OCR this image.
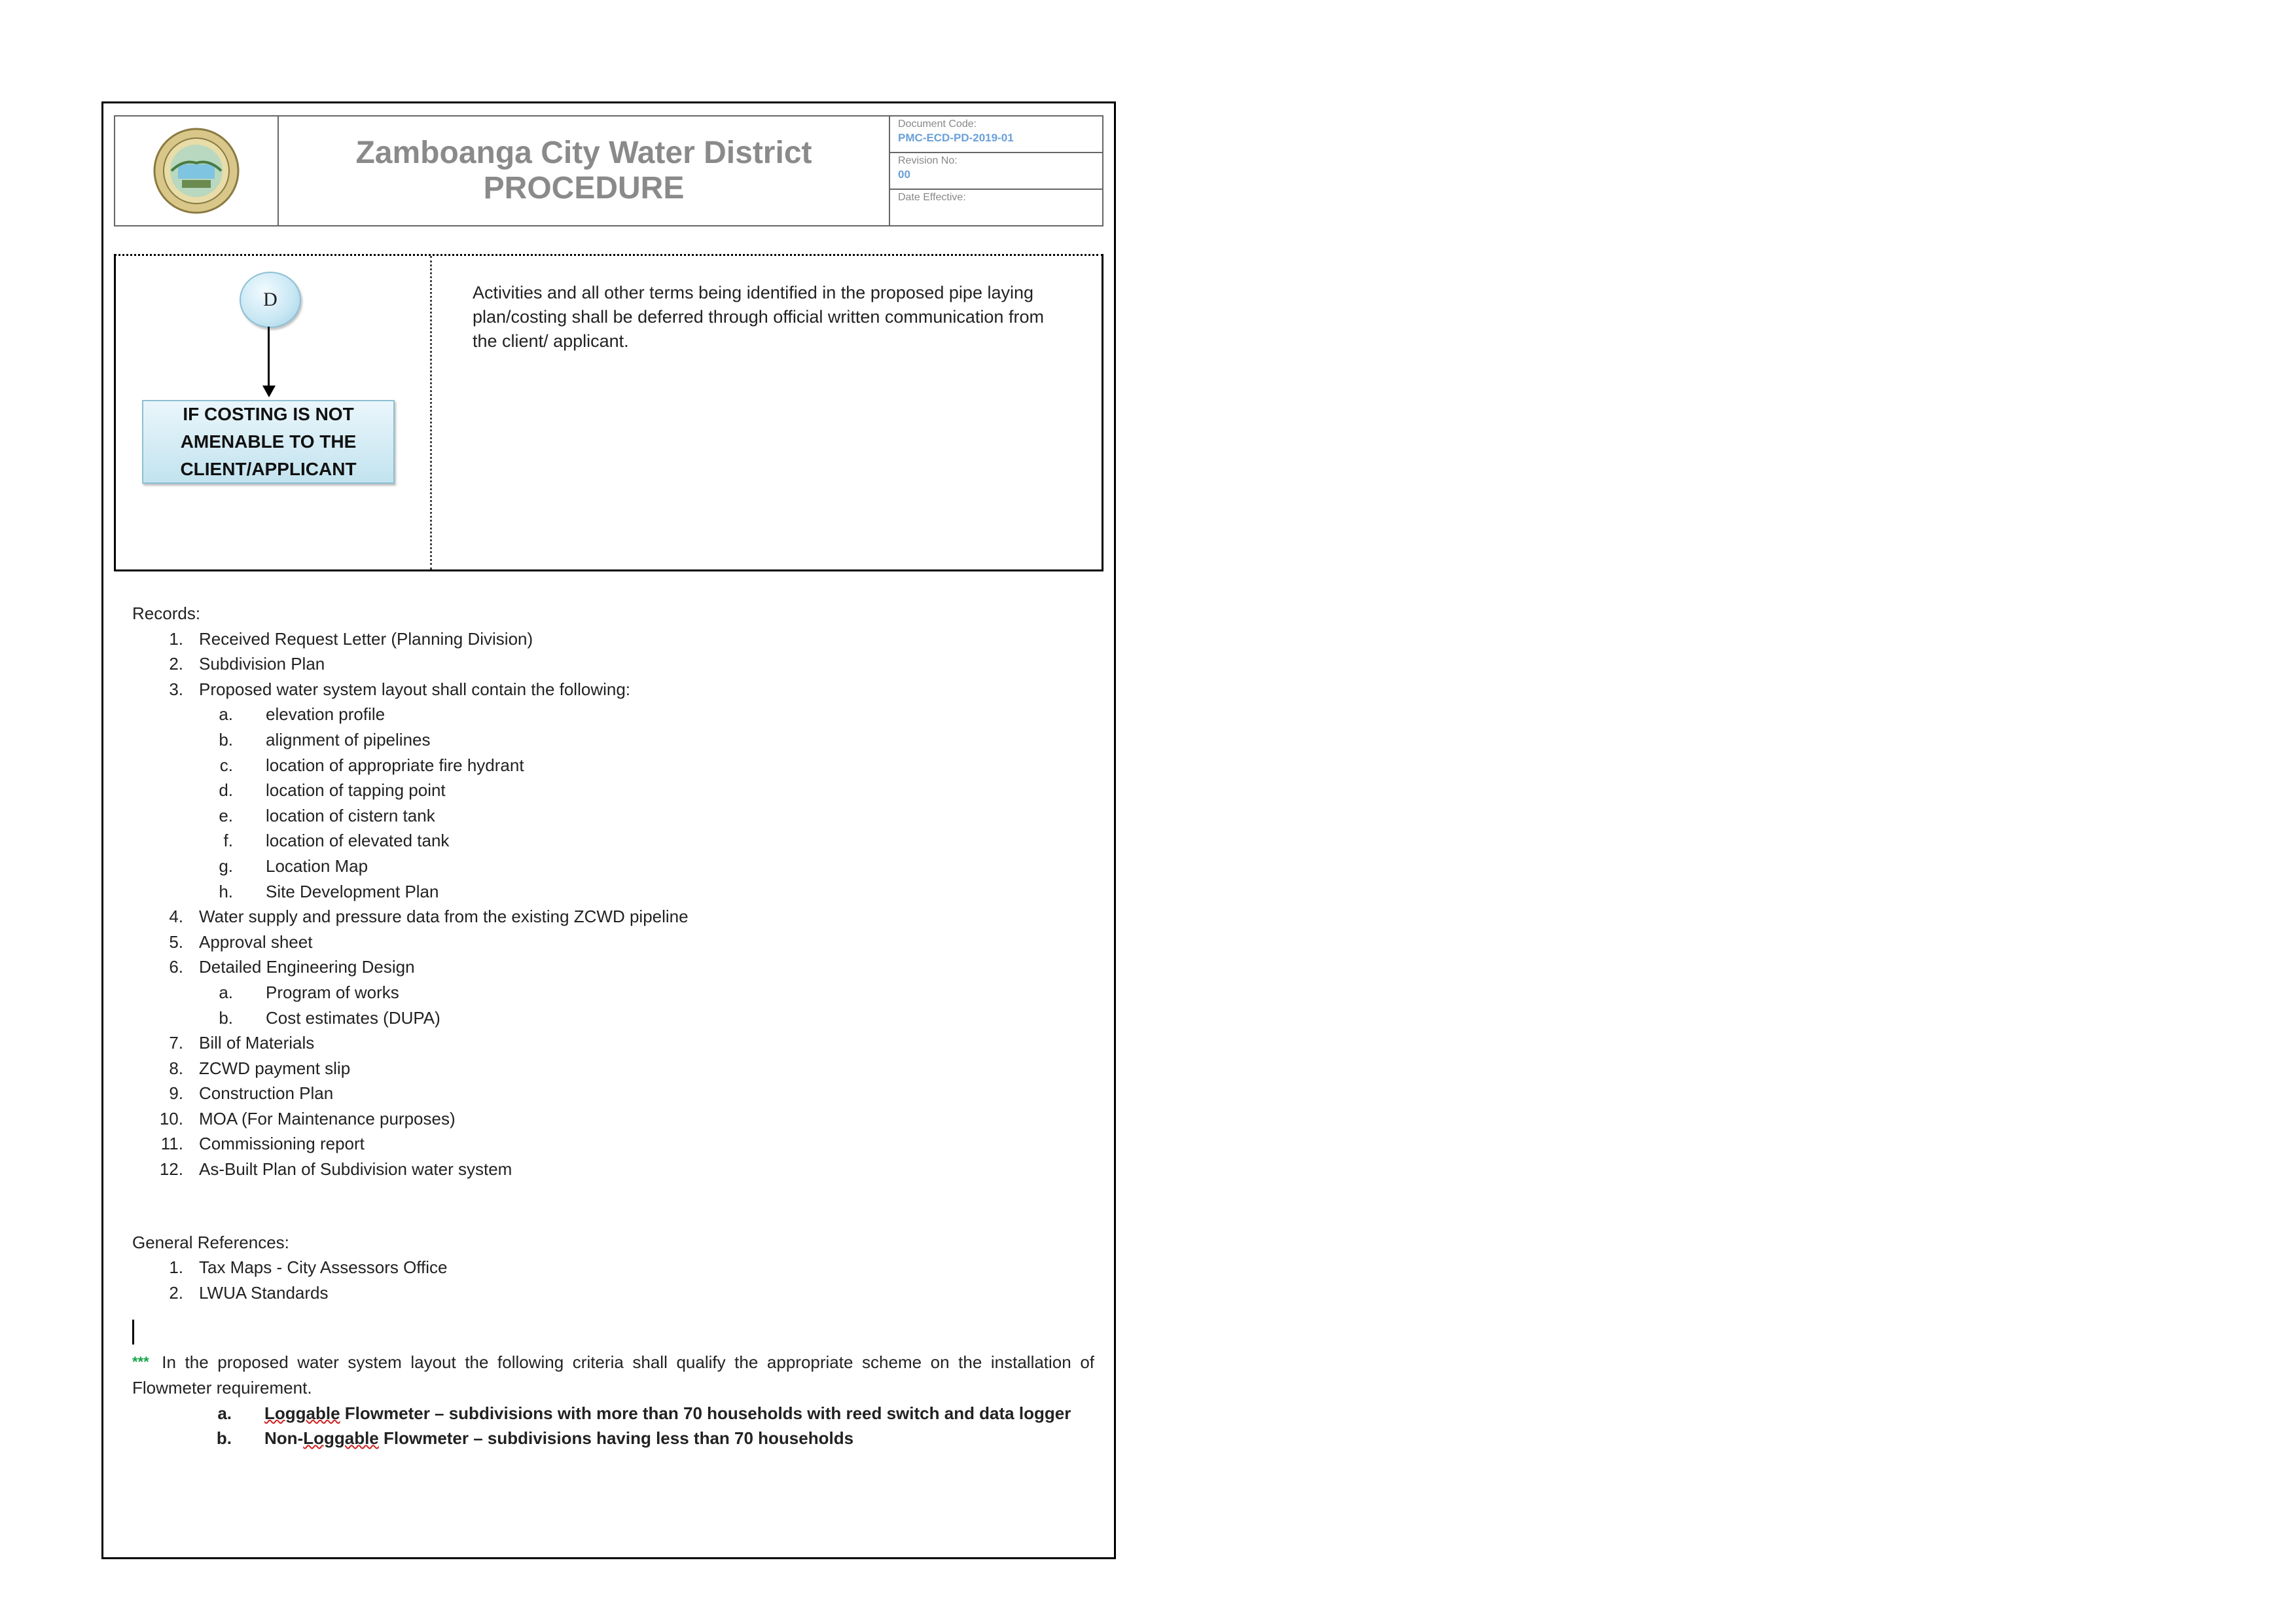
Zamboanga City Water District
PROCEDURE
Document Code:
PMC-ECD-PD-2019-01
Revision No:
00
Date Effective:
D
IF COSTING IS NOT AMENABLE TO THE CLIENT/APPLICANT
Activities and all other terms being identified in the proposed pipe laying plan/costing shall be deferred through official written communication from the client/ applicant.
Records:
1. Received Request Letter (Planning Division)
2. Subdivision Plan
3. Proposed water system layout shall contain the following:
a. elevation profile
b. alignment of pipelines
c. location of appropriate fire hydrant
d. location of tapping point
e. location of cistern tank
f. location of elevated tank
g. Location Map
h. Site Development Plan
4. Water supply and pressure data from the existing ZCWD pipeline
5. Approval sheet
6. Detailed Engineering Design
a. Program of works
b. Cost estimates (DUPA)
7. Bill of Materials
8. ZCWD payment slip
9. Construction Plan
10. MOA (For Maintenance purposes)
11. Commissioning report
12. As-Built Plan of Subdivision water system
General References:
1. Tax Maps - City Assessors Office
2. LWUA Standards
*** In the proposed water system layout the following criteria shall qualify the appropriate scheme on the installation of Flowmeter requirement.
a. Loggable Flowmeter – subdivisions with more than 70 households with reed switch and data logger
b. Non-Loggable Flowmeter – subdivisions having less than 70 households
